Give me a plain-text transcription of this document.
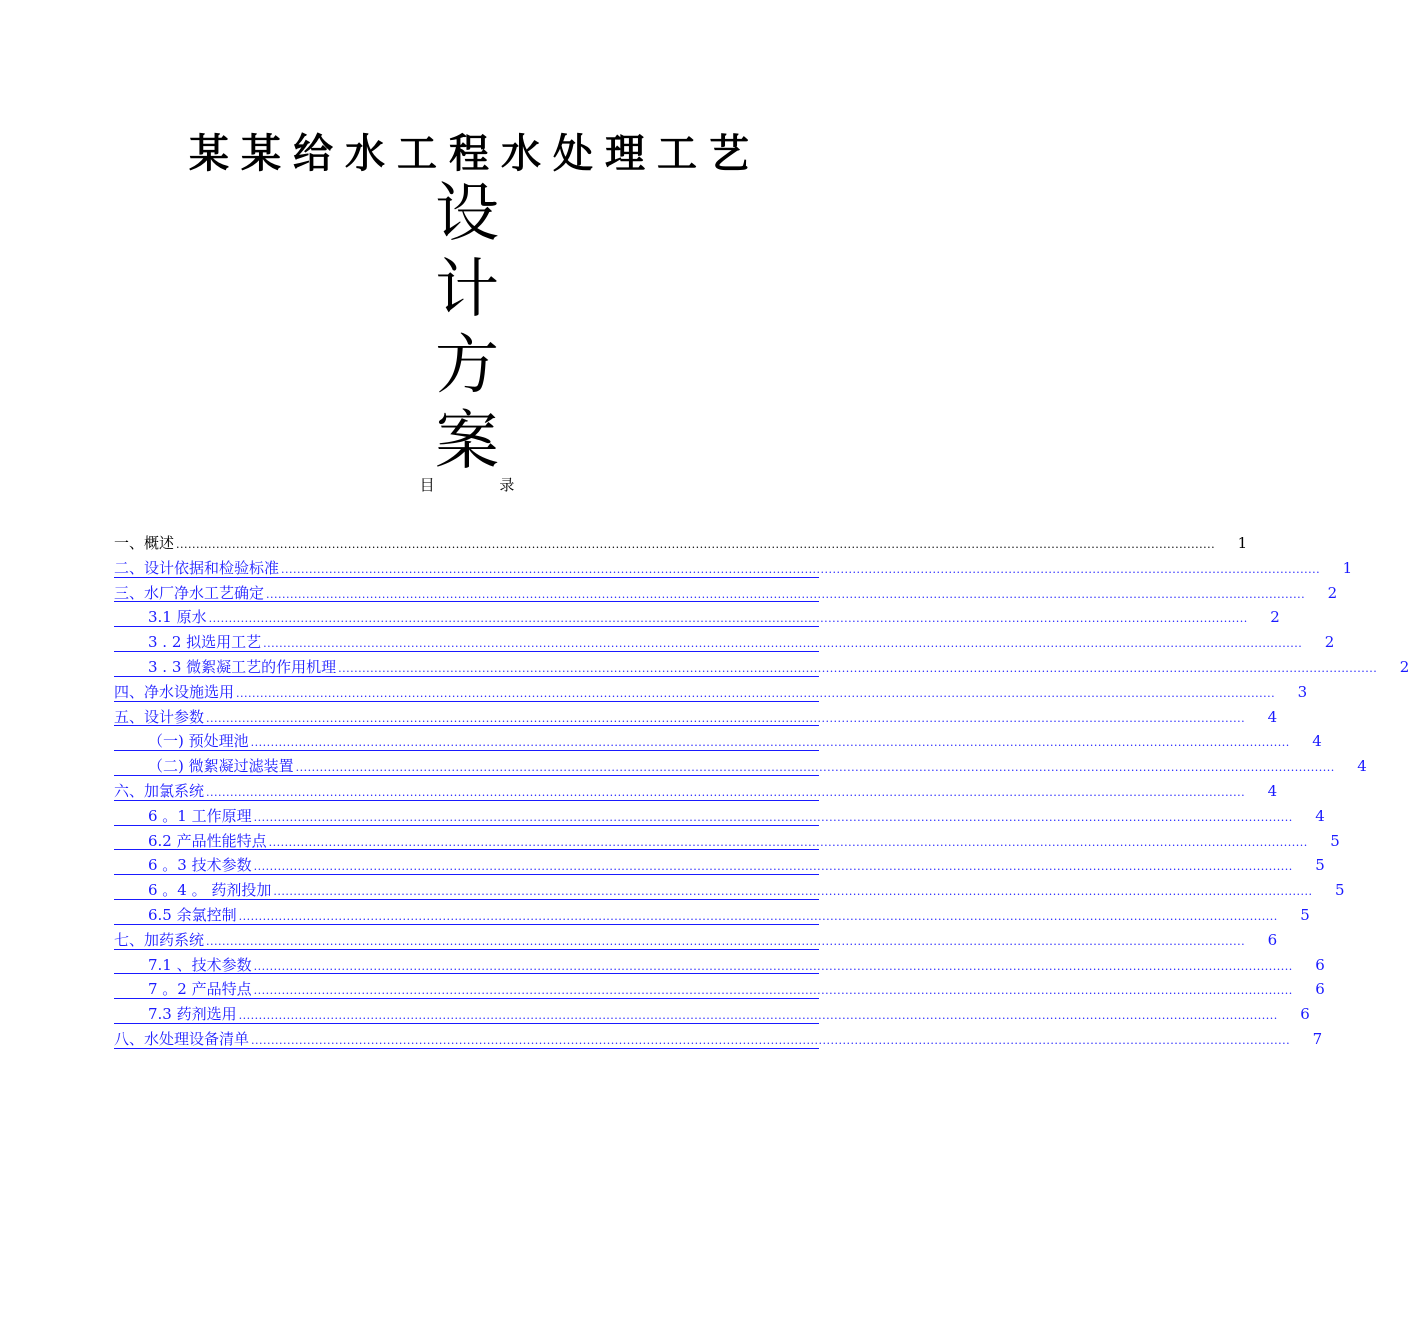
某某给水工程水处理工艺
设
计
方
案
目	录
一、概述 ....................................................................................................................................................................................................................................................................	1
二、设计依据和检验标准 ....................................................................................................................................................................................................................................................................	1
三、水厂净水工艺确定 ....................................................................................................................................................................................................................................................................	2
3.1 原水 ....................................................................................................................................................................................................................................................................	2
3 . 2 拟选用工艺 ....................................................................................................................................................................................................................................................................	2
3 . 3 微絮凝工艺的作用机理 ....................................................................................................................................................................................................................................................................	2
四、净水设施选用 ....................................................................................................................................................................................................................................................................	3
五、设计参数 ....................................................................................................................................................................................................................................................................	4
（一) 预处理池 ....................................................................................................................................................................................................................................................................	4
（二) 微絮凝过滤装置 ....................................................................................................................................................................................................................................................................	4
六、加氯系统 ....................................................................................................................................................................................................................................................................	4
6 。1 工作原理 ....................................................................................................................................................................................................................................................................	4
6.2 产品性能特点 ....................................................................................................................................................................................................................................................................	5
6 。3 技术参数 ....................................................................................................................................................................................................................................................................	5
6 。4 。 药剂投加 ....................................................................................................................................................................................................................................................................	5
6.5 余氯控制 ....................................................................................................................................................................................................................................................................	5
七、加药系统 ....................................................................................................................................................................................................................................................................	6
7.1 、技术参数 ....................................................................................................................................................................................................................................................................	6
7 。2 产品特点 ....................................................................................................................................................................................................................................................................	6
7.3 药剂选用 ....................................................................................................................................................................................................................................................................	6
八、水处理设备清单 ....................................................................................................................................................................................................................................................................	7
